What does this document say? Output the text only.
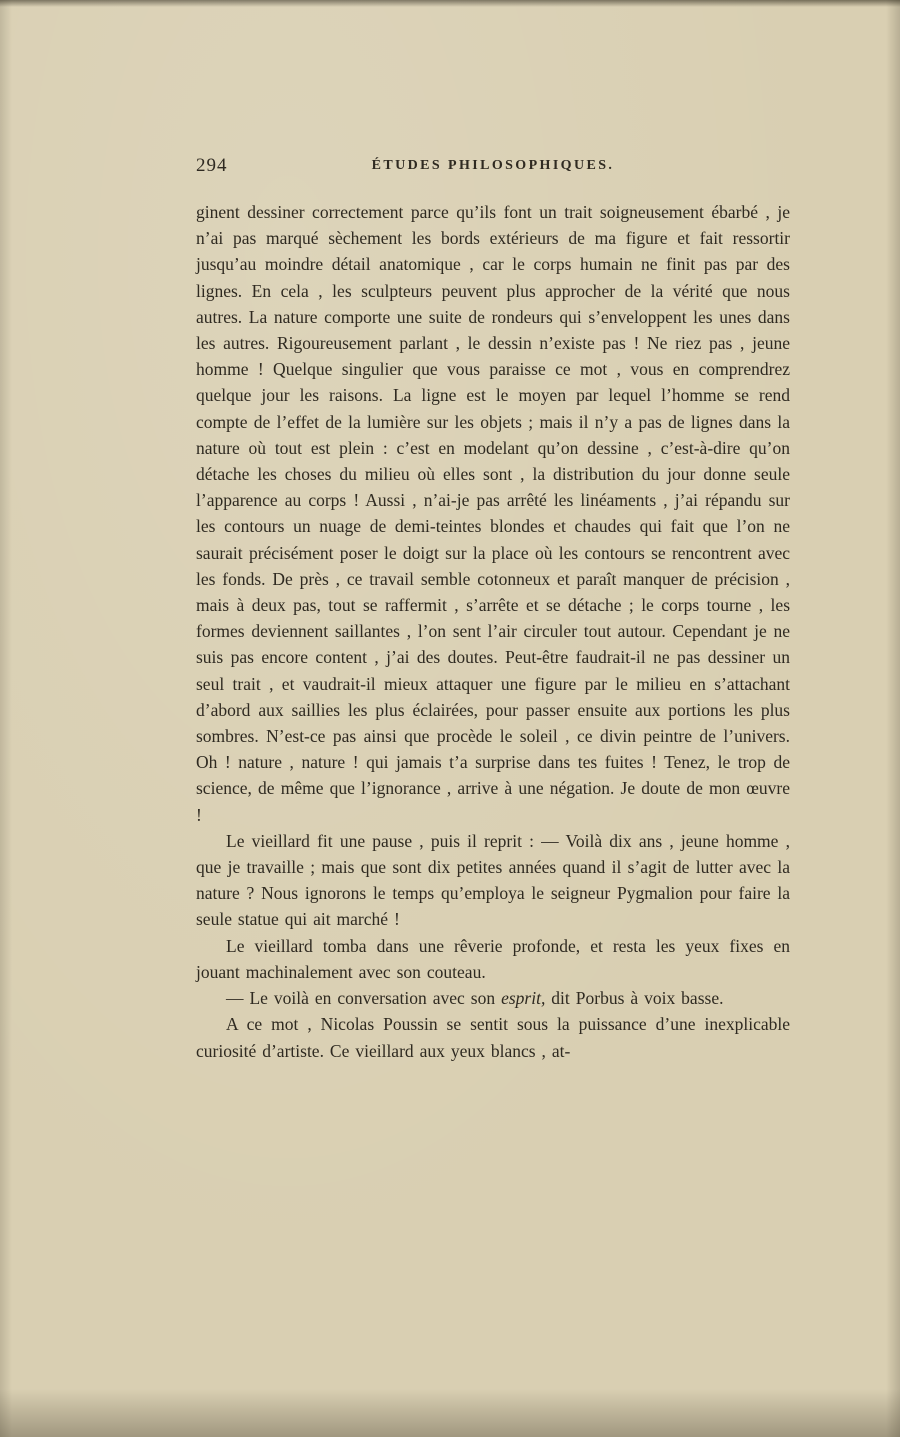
294	ÉTUDES PHILOSOPHIQUES.

ginent dessiner correctement parce qu’ils font un trait soigneusement ébarbé , je n’ai pas marqué sèchement les bords extérieurs de ma figure et fait ressortir jusqu’au moindre détail anatomique , car le corps humain ne finit pas par des lignes. En cela , les sculpteurs peuvent plus approcher de la vérité que nous autres. La nature comporte une suite de rondeurs qui s’enveloppent les unes dans les autres. Rigoureusement parlant , le dessin n’existe pas ! Ne riez pas , jeune homme ! Quelque singulier que vous paraisse ce mot , vous en comprendrez quelque jour les raisons. La ligne est le moyen par lequel l’homme se rend compte de l’effet de la lumière sur les objets ; mais il n’y a pas de lignes dans la nature où tout est plein : c’est en modelant qu’on dessine , c’est-à-dire qu’on détache les choses du milieu où elles sont , la distribution du jour donne seule l’apparence au corps ! Aussi , n’ai-je pas arrêté les linéaments , j’ai répandu sur les contours un nuage de demi-teintes blondes et chaudes qui fait que l’on ne saurait précisément poser le doigt sur la place où les contours se rencontrent avec les fonds. De près , ce travail semble cotonneux et paraît manquer de précision , mais à deux pas, tout se raffermit , s’arrête et se détache ; le corps tourne , les formes deviennent saillantes , l’on sent l’air circuler tout autour. Cependant je ne suis pas encore content , j’ai des doutes. Peut-être faudrait-il ne pas dessiner un seul trait , et vaudrait-il mieux attaquer une figure par le milieu en s’attachant d’abord aux saillies les plus éclairées, pour passer ensuite aux portions les plus sombres. N’est-ce pas ainsi que procède le soleil , ce divin peintre de l’univers. Oh ! nature , nature ! qui jamais t’a surprise dans tes fuites ! Tenez, le trop de science, de même que l’ignorance , arrive à une négation. Je doute de mon œuvre !

Le vieillard fit une pause , puis il reprit : — Voilà dix ans , jeune homme , que je travaille ; mais que sont dix petites années quand il s’agit de lutter avec la nature ? Nous ignorons le temps qu’employa le seigneur Pygmalion pour faire la seule statue qui ait marché !

Le vieillard tomba dans une rêverie profonde, et resta les yeux fixes en jouant machinalement avec son couteau.

— Le voilà en conversation avec son esprit, dit Porbus à voix basse.

A ce mot , Nicolas Poussin se sentit sous la puissance d’une inexplicable curiosité d’artiste. Ce vieillard aux yeux blancs , at-
